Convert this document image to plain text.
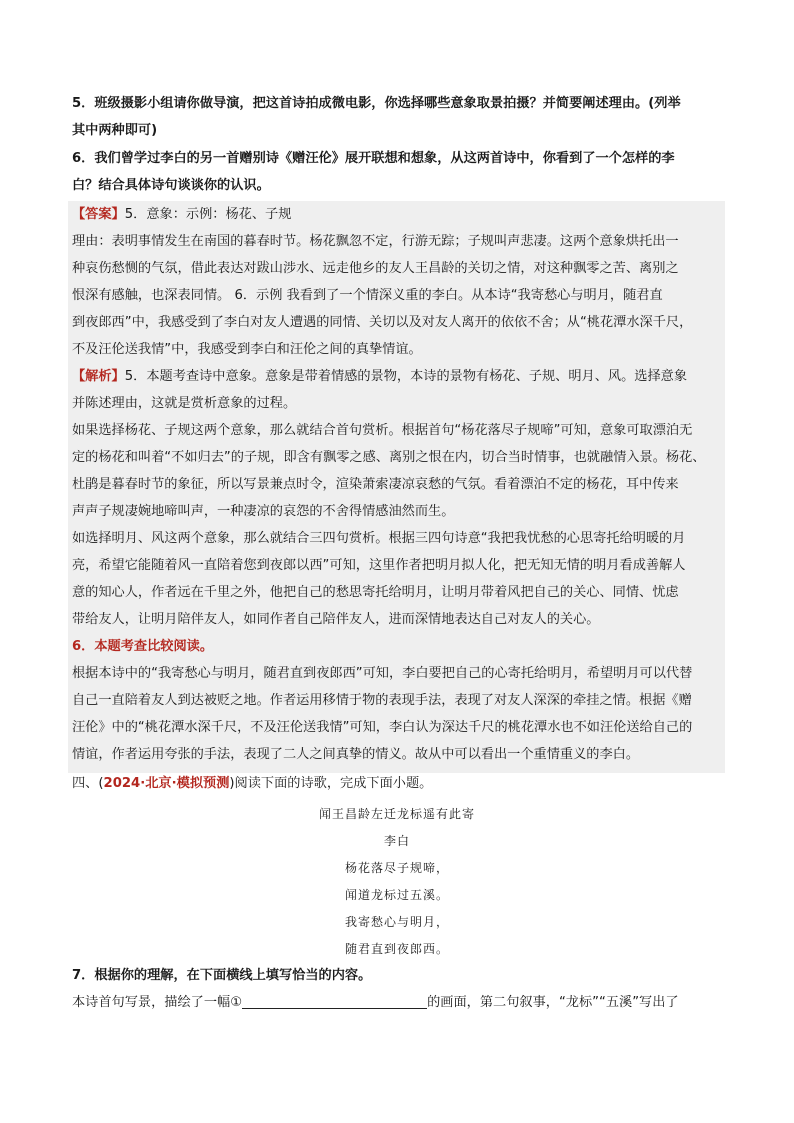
5．班级摄影小组请你做导演，把这首诗拍成微电影，你选择哪些意象取景拍摄？并简要阐述理由。(列举
其中两种即可)
6．我们曾学过李白的另一首赠别诗《赠汪伦》展开联想和想象，从这两首诗中，你看到了一个怎样的李
白？结合具体诗句谈谈你的认识。
【答案】5．意象：示例：杨花、子规
理由：表明事情发生在南国的暮春时节。杨花飘忽不定，行游无踪；子规叫声悲凄。这两个意象烘托出一
种哀伤愁恻的气氛，借此表达对跋山涉水、远走他乡的友人王昌龄的关切之情，对这种飘零之苦、离别之
恨深有感触，也深表同情。 6．示例 我看到了一个情深义重的李白。从本诗“我寄愁心与明月，随君直
到夜郎西”中，我感受到了李白对友人遭遇的同情、关切以及对友人离开的依依不舍；从“桃花潭水深千尺，
不及汪伦送我情”中，我感受到李白和汪伦之间的真挚情谊。
【解析】5．本题考查诗中意象。意象是带着情感的景物，本诗的景物有杨花、子规、明月、风。选择意象
并陈述理由，这就是赏析意象的过程。
如果选择杨花、子规这两个意象，那么就结合首句赏析。根据首句“杨花落尽子规啼”可知，意象可取漂泊无
定的杨花和叫着“不如归去”的子规，即含有飘零之感、离别之恨在内，切合当时情事，也就融情入景。杨花、
杜鹃是暮春时节的象征，所以写景兼点时令，渲染萧索凄凉哀愁的气氛。看着漂泊不定的杨花，耳中传来
声声子规凄婉地啼叫声，一种凄凉的哀怨的不舍得情感油然而生。
如选择明月、风这两个意象，那么就结合三四句赏析。根据三四句诗意“我把我忧愁的心思寄托给明暖的月
亮，希望它能随着风一直陪着您到夜郎以西”可知，这里作者把明月拟人化，把无知无情的明月看成善解人
意的知心人，作者远在千里之外，他把自己的愁思寄托给明月，让明月带着风把自己的关心、同情、忧虑
带给友人，让明月陪伴友人，如同作者自己陪伴友人，进而深情地表达自己对友人的关心。
6．本题考查比较阅读。
根据本诗中的“我寄愁心与明月，随君直到夜郎西”可知，李白要把自己的心寄托给明月，希望明月可以代替
自己一直陪着友人到达被贬之地。作者运用移情于物的表现手法，表现了对友人深深的牵挂之情。根据《赠
汪伦》中的“桃花潭水深千尺，不及汪伦送我情”可知，李白认为深达千尺的桃花潭水也不如汪伦送给自己的
情谊，作者运用夸张的手法，表现了二人之间真挚的情义。故从中可以看出一个重情重义的李白。
四、(2024·北京·模拟预测)阅读下面的诗歌，完成下面小题。
闻王昌龄左迁龙标遥有此寄
李白
杨花落尽子规啼，
闻道龙标过五溪。
我寄愁心与明月，
随君直到夜郎西。
7．根据你的理解，在下面横线上填写恰当的内容。
本诗首句写景，描绘了一幅①	的画面，第二句叙事，“龙标”“五溪”写出了
